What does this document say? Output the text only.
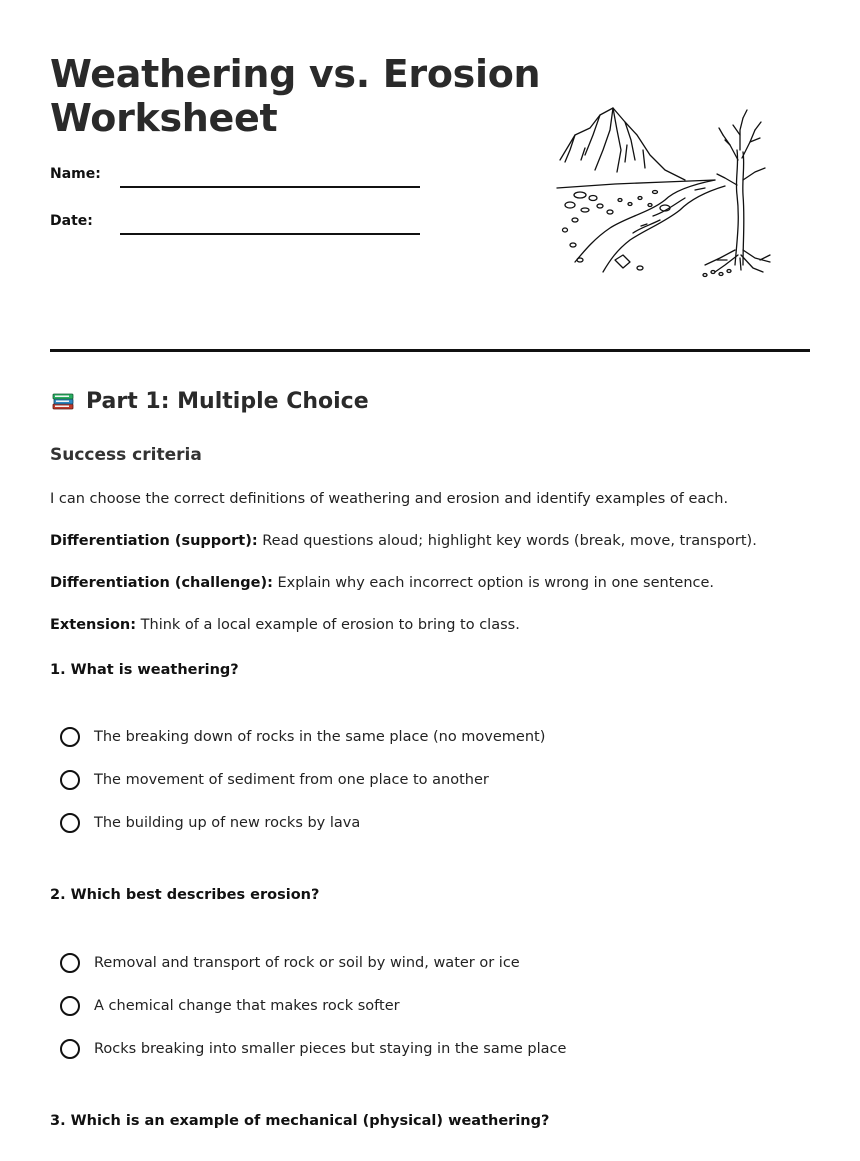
Weathering vs. Erosion
Worksheet
Name:
Date:
Part 1: Multiple Choice
Success criteria

I can choose the correct definitions of weathering and erosion and identify examples of each.

Differentiation (support): Read questions aloud; highlight key words (break, move, transport).

Differentiation (challenge): Explain why each incorrect option is wrong in one sentence.

Extension: Think of a local example of erosion to bring to class.

1. What is weathering?

The breaking down of rocks in the same place (no movement)
The movement of sediment from one place to another
The building up of new rocks by lava

2. Which best describes erosion?

Removal and transport of rock or soil by wind, water or ice
A chemical change that makes rock softer
Rocks breaking into smaller pieces but staying in the same place

3. Which is an example of mechanical (physical) weathering?
